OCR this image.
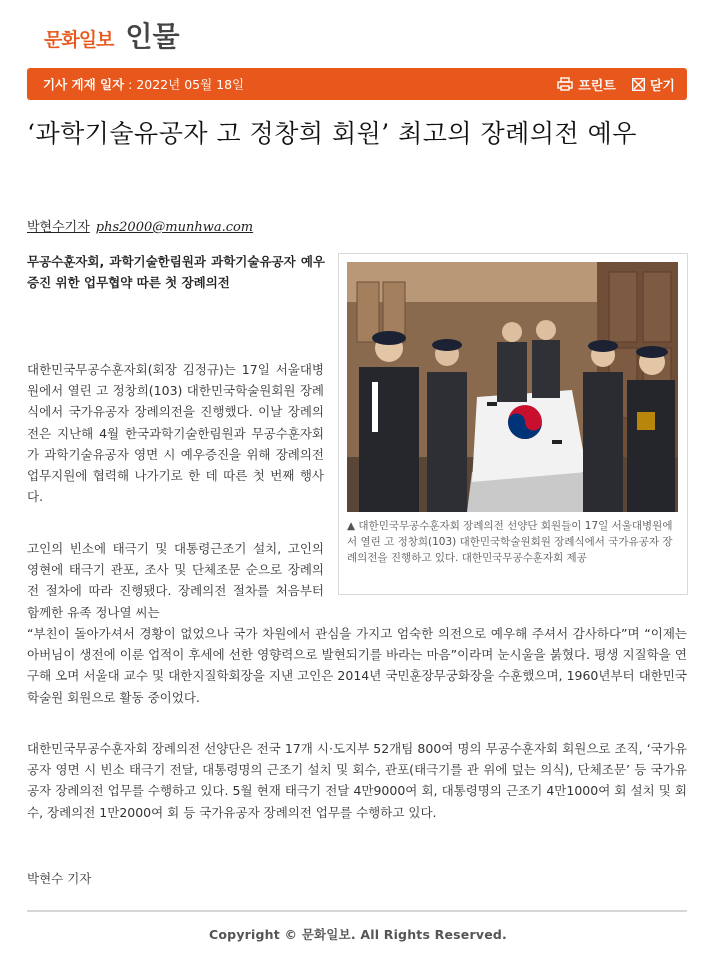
문화일보 인물
기사 게재 일자 : 2022년 05월 18일	프린트	닫기
‘과학기술유공자 고 정창희 회원’ 최고의 장례의전 예우
박현수기자 phs2000@munhwa.com

무공수훈자회, 과학기술한림원과 과학기술유공자 예우증진 위한 업무협약 따른 첫 장례의전

▲ 대한민국무공수훈자회 장례의전 선양단 회원들이 17일 서울대병원에서 열린 고 정창희(103) 대한민국학술원회원 장례식에서 국가유공자 장례의전을 진행하고 있다. 대한민국무공수훈자회 제공

대한민국무공수훈자회(회장 김정규)는 17일 서울대병원에서 열린 고 정창희(103) 대한민국학술원회원 장례식에서 국가유공자 장례의전을 진행했다. 이날 장례의전은 지난해 4월 한국과학기술한림원과 무공수훈자회가 과학기술유공자 영면 시 예우증진을 위해 장례의전 업무지원에 협력해 나가기로 한 데 따른 첫 번째 행사다.

고인의 빈소에 태극기 및 대통령근조기 설치, 고인의 영현에 태극기 관포, 조사 및 단체조문 순으로 장례의전 절차에 따라 진행됐다. 장례의전 절차를 처음부터 함께한 유족 정나열 씨는

“부친이 돌아가셔서 경황이 없었으나 국가 차원에서 관심을 가지고 엄숙한 의전으로 예우해 주셔서 감사하다”며 “이제는 아버님이 생전에 이룬 업적이 후세에 선한 영향력으로 발현되기를 바라는 마음”이라며 눈시울을 붉혔다. 평생 지질학을 연구해 오며 서울대 교수 및 대한지질학회장을 지낸 고인은 2014년 국민훈장무궁화장을 수훈했으며, 1960년부터 대한민국학술원 회원으로 활동 중이었다.

대한민국무공수훈자회 장례의전 선양단은 전국 17개 시·도지부 52개팀 800여 명의 무공수훈자회 회원으로 조직, ‘국가유공자 영면 시 빈소 태극기 전달, 대통령명의 근조기 설치 및 회수, 관포(태극기를 관 위에 덮는 의식), 단체조문’ 등 국가유공자 장례의전 업무를 수행하고 있다. 5월 현재 태극기 전달 4만9000여 회, 대통령명의 근조기 4만1000여 회 설치 및 회수, 장례의전 1만2000여 회 등 국가유공자 장례의전 업무를 수행하고 있다.

박현수 기자

Copyright © 문화일보. All Rights Reserved.
